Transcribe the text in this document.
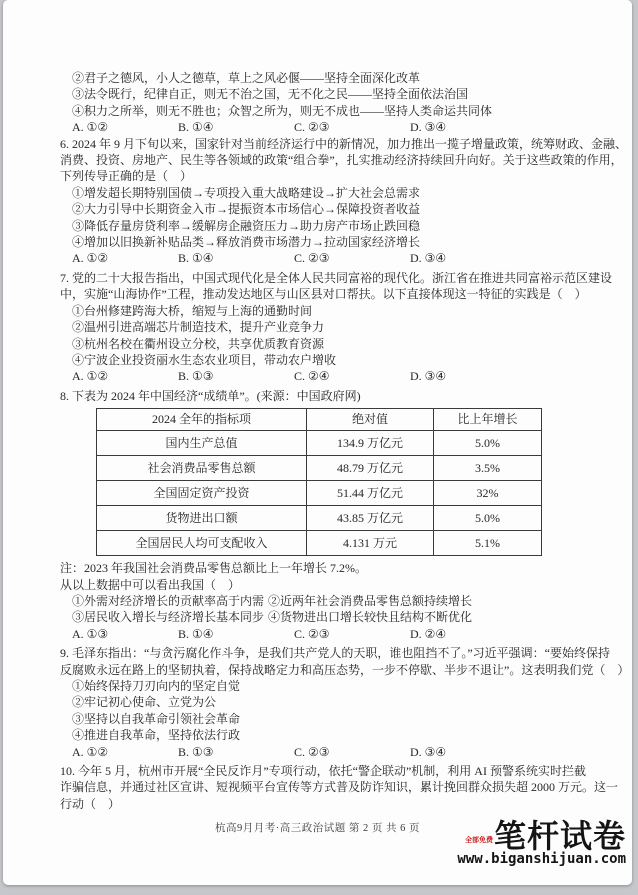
②君子之德风，小人之德草，草上之风必偃——坚持全面深化改革
③法令既行，纪律自正，则无不治之国，无不化之民——坚持全面依法治国
④积力之所举，则无不胜也；众智之所为，则无不成也——坚持人类命运共同体
A. ①②	B. ①④	C. ②③	D. ③④
6. 2024 年 9 月下旬以来，国家针对当前经济运行中的新情况，加力推出一揽子增量政策，统筹财政、金融、
消费、投资、房地产、民生等各领域的政策“组合拳”，扎实推动经济持续回升向好。关于这些政策的作用，
下列传导正确的是（　）
①增发超长期特别国债→专项投入重大战略建设→扩大社会总需求
②大力引导中长期资金入市→提振资本市场信心→保障投资者收益
③降低存量房贷利率→缓解房企融资压力→助力房产市场止跌回稳
④增加以旧换新补贴品类→释放消费市场潜力→拉动国家经济增长
A. ①②	B. ①④	C. ②③	D. ③④
7. 党的二十大报告指出，中国式现代化是全体人民共同富裕的现代化。浙江省在推进共同富裕示范区建设
中，实施“山海协作”工程，推动发达地区与山区县对口帮扶。以下直接体现这一特征的实践是（　）
①台州修建跨海大桥，缩短与上海的通勤时间
②温州引进高端芯片制造技术，提升产业竞争力
③杭州名校在衢州设立分校，共享优质教育资源
④宁波企业投资丽水生态农业项目，带动农户增收
A. ①②	B. ①③	C. ②④	D. ③④
8. 下表为 2024 年中国经济“成绩单”。(来源：中国政府网)
2024 全年的指标项	绝对值	比上年增长
国内生产总值	134.9 万亿元	5.0%
社会消费品零售总额	48.79 万亿元	3.5%
全国固定资产投资	51.44 万亿元	32%
货物进出口额	43.85 万亿元	5.0%
全国居民人均可支配收入	4.131 万元	5.1%
注：2023 年我国社会消费品零售总额比上一年增长 7.2%。
从以上数据中可以看出我国（　）
①外需对经济增长的贡献率高于内需 ②近两年社会消费品零售总额持续增长
③居民收入增长与经济增长基本同步 ④货物进出口增长较快且结构不断优化
A. ①③	B. ①④	C. ②③	D. ②④
9. 毛泽东指出：“与贪污腐化作斗争，是我们共产党人的天职，谁也阻挡不了。”习近平强调：“要始终保持
反腐败永远在路上的坚韧执着，保持战略定力和高压态势，一步不停歇、半步不退让”。这表明我们党（　）
①始终保持刀刃向内的坚定自觉
②牢记初心使命、立党为公
③坚持以自我革命引领社会革命
④推进自我革命，坚持依法行政
A. ①②	B. ①③	C. ②③	D. ③④
10. 今年 5 月，杭州市开展“全民反诈月”专项行动，依托“警企联动”机制，利用 AI 预警系统实时拦截
诈骗信息，并通过社区宣讲、短视频平台宣传等方式普及防诈知识，累计挽回群众损失超 2000 万元。这一
行动（　）
杭高9月月考·高三政治试题 第 2 页 共 6 页
全部免费 笔杆试卷
www.biganshijuan.com
